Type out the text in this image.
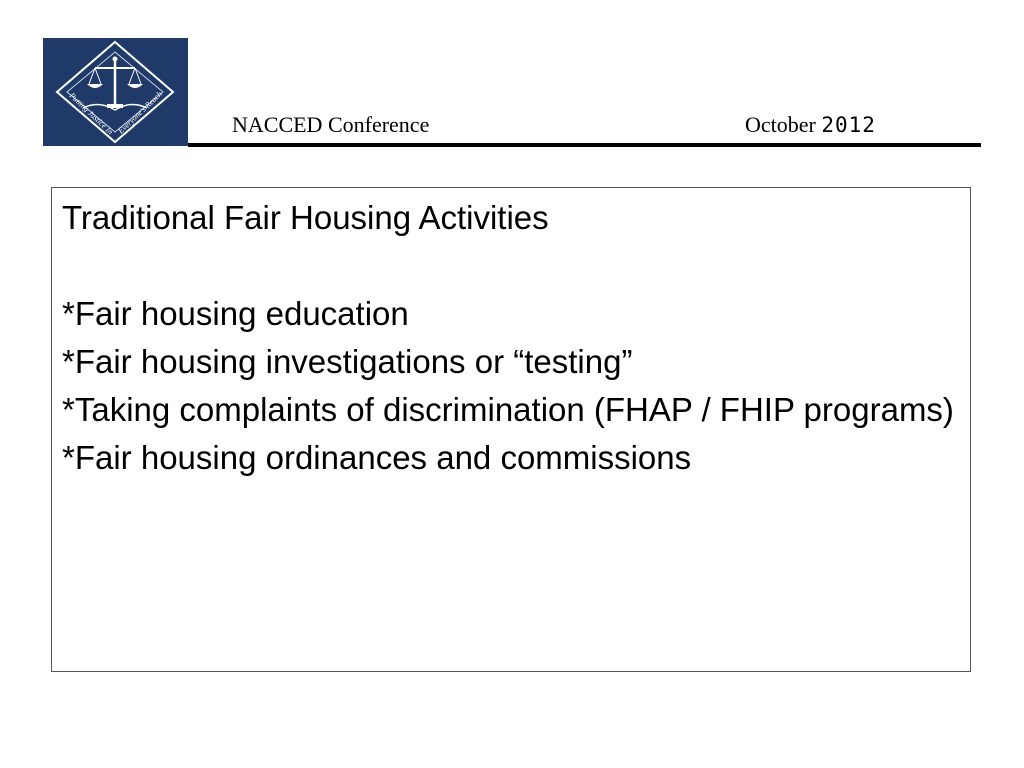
Putting Justice In Everyone's Reach
NACCED Conference	October 2012

Traditional Fair Housing Activities

*Fair housing education

*Fair housing investigations or “testing”

*Taking complaints of discrimination (FHAP / FHIP programs)

*Fair housing ordinances and commissions
